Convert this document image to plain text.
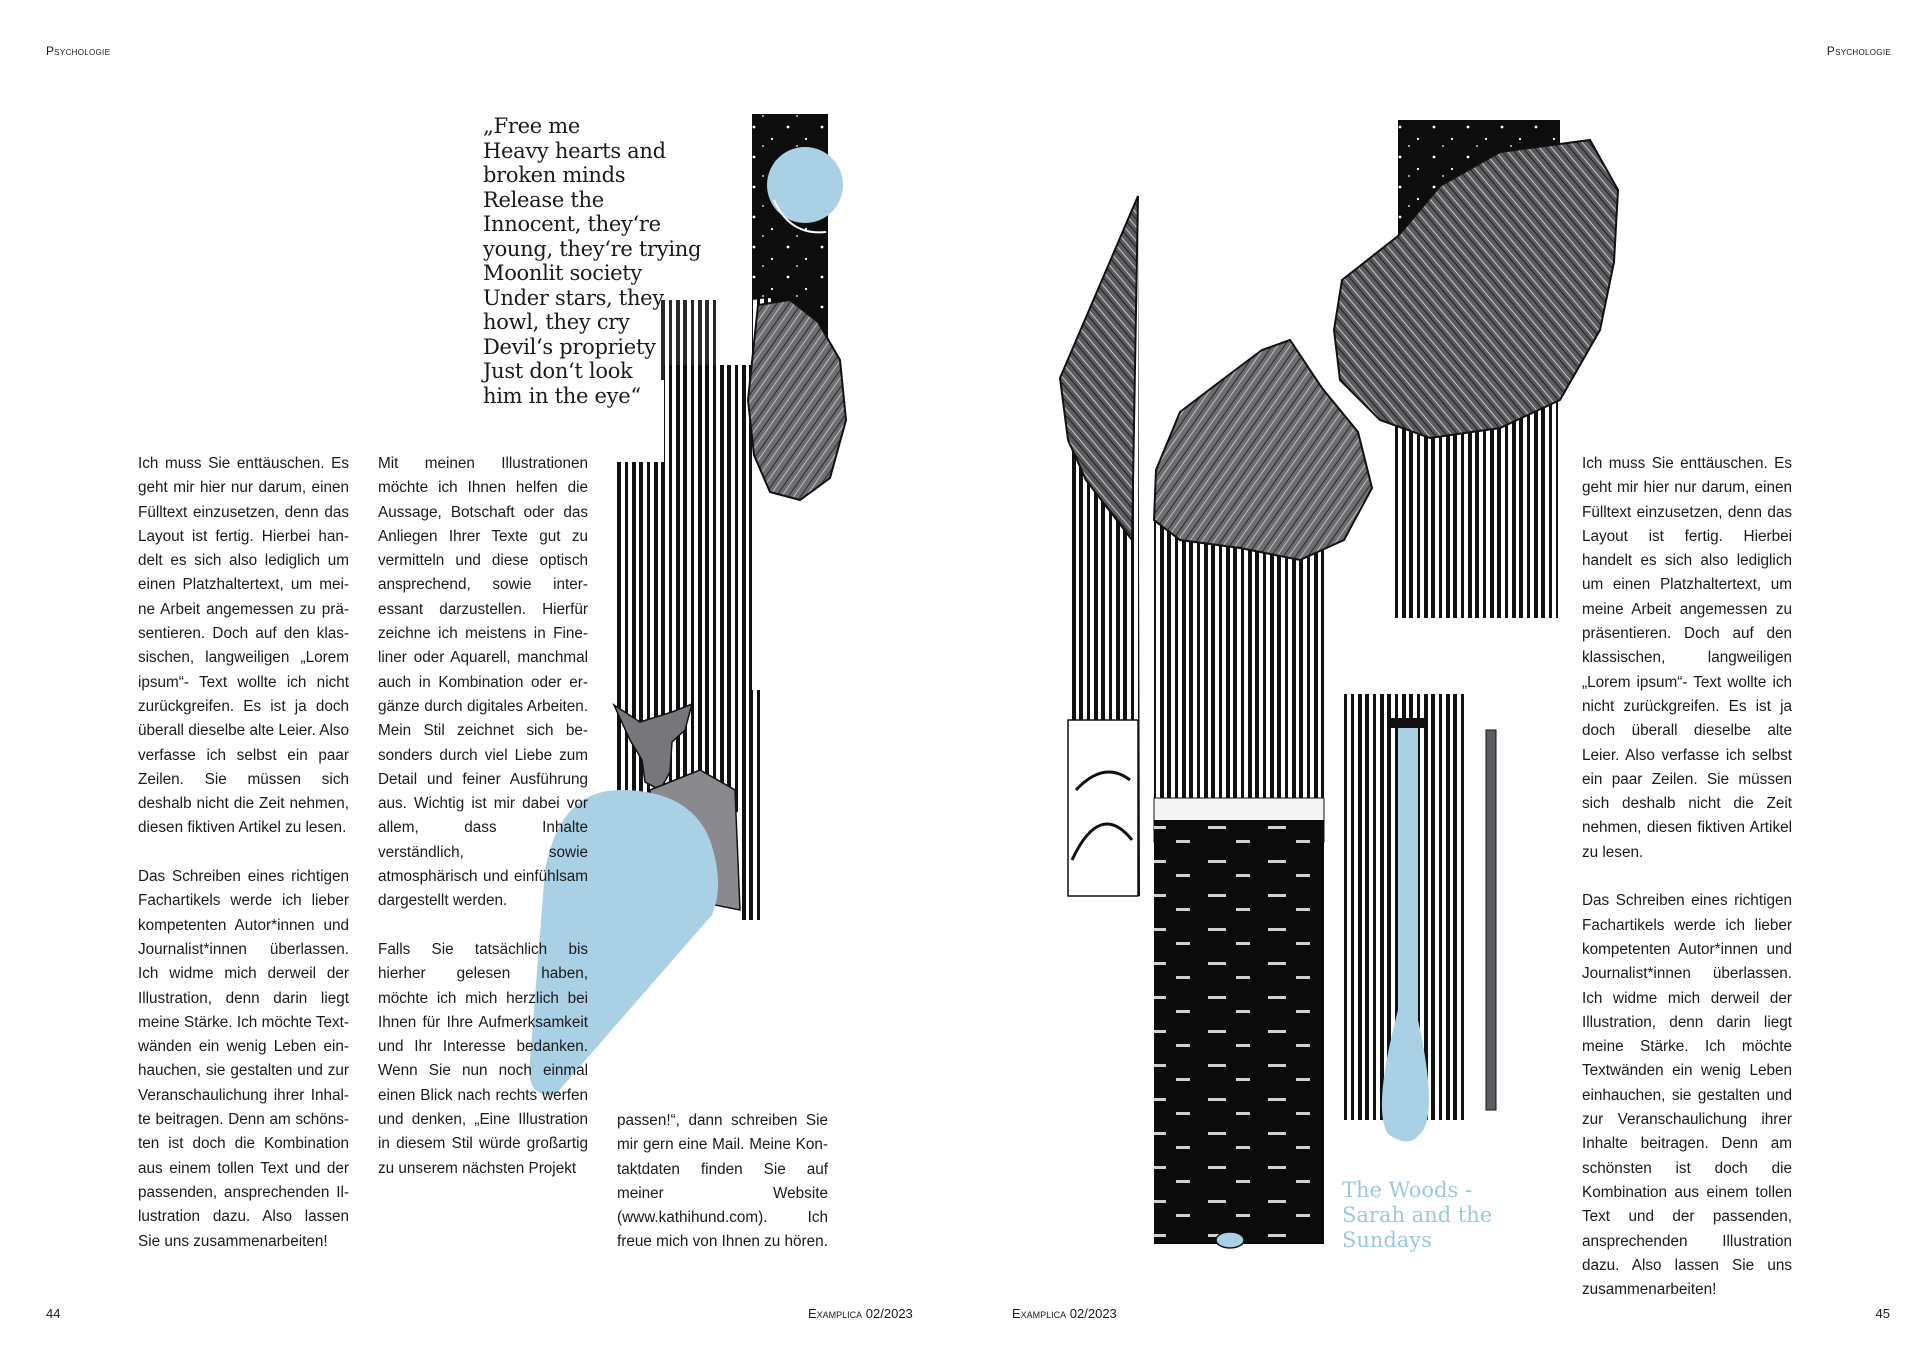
Psychologie	Psychologie
„Free me
Heavy hearts and
broken minds
Release the
Innocent, they‘re
young, they‘re trying
Moonlit society
Under stars, they
howl, they cry
Devil‘s propriety
Just don‘t look
him in the eye“

Ich muss Sie enttäuschen. Es geht mir hier nur darum, einen Fülltext einzusetzen, denn das Layout ist fertig. Hierbei handelt es sich also lediglich um einen Platzhaltertext, um meine Arbeit angemessen zu präsentieren. Doch auf den klassischen, langweiligen „Lorem ipsum“- Text wollte ich nicht zurückgreifen. Es ist ja doch überall dieselbe alte Leier. Also verfasse ich selbst ein paar Zeilen. Sie müssen sich deshalb nicht die Zeit nehmen, diesen fiktiven Artikel zu lesen.

Das Schreiben eines richtigen Fachartikels werde ich lieber kompetenten Autor*innen und Journalist*innen überlassen. Ich widme mich derweil der Illustration, denn darin liegt meine Stärke. Ich möchte Textwänden ein wenig Leben einhauchen, sie gestalten und zur Veranschaulichung ihrer Inhalte beitragen. Denn am schönsten ist doch die Kombination aus einem tollen Text und der passenden, ansprechenden Illustration dazu. Also lassen Sie uns zusammenarbeiten!

Mit meinen Illustrationen möchte ich Ihnen helfen die Aussage, Botschaft oder das Anliegen Ihrer Texte gut zu vermitteln und diese optisch ansprechend, sowie interessant darzustellen. Hierfür zeichne ich meistens in Fineliner oder Aquarell, manchmal auch in Kombination oder ergänze durch digitales Arbeiten. Mein Stil zeichnet sich besonders durch viel Liebe zum Detail und feiner Ausführung aus. Wichtig ist mir dabei vor allem, dass Inhalte verständlich, sowie atmosphärisch und einfühlsam dargestellt werden.

Falls Sie tatsächlich bis hierher gelesen haben, möchte ich mich herzlich bei Ihnen für Ihre Aufmerksamkeit und Ihr Interesse bedanken. Wenn Sie nun noch einmal einen Blick nach rechts werfen und denken, „Eine Illustration in diesem Stil würde großartig zu unserem nächsten Projekt

passen!“, dann schreiben Sie mir gern eine Mail. Meine Kontaktdaten finden Sie auf meiner Website (www.kathihund.com). Ich freue mich von Ihnen zu hören.

The Woods -
Sarah and the
Sundays

Ich muss Sie enttäuschen. Es geht mir hier nur darum, einen Fülltext einzusetzen, denn das Layout ist fertig. Hierbei handelt es sich also lediglich um einen Platzhaltertext, um meine Arbeit angemessen zu präsentieren. Doch auf den klassischen, langweiligen „Lorem ipsum“- Text wollte ich nicht zurückgreifen. Es ist ja doch überall dieselbe alte Leier. Also verfasse ich selbst ein paar Zeilen. Sie müssen sich deshalb nicht die Zeit nehmen, diesen fiktiven Artikel zu lesen.

Das Schreiben eines richtigen Fachartikels werde ich lieber kompetenten Autor*innen und Journalist*innen überlassen. Ich widme mich derweil der Illustration, denn darin liegt meine Stärke. Ich möchte Textwänden ein wenig Leben einhauchen, sie gestalten und zur Veranschaulichung ihrer Inhalte beitragen. Denn am schönsten ist doch die Kombination aus einem tollen Text und der passenden, ansprechenden Illustration dazu. Also lassen Sie uns zusammenarbeiten!

44	Examplica 02/2023	Examplica 02/2023	45
